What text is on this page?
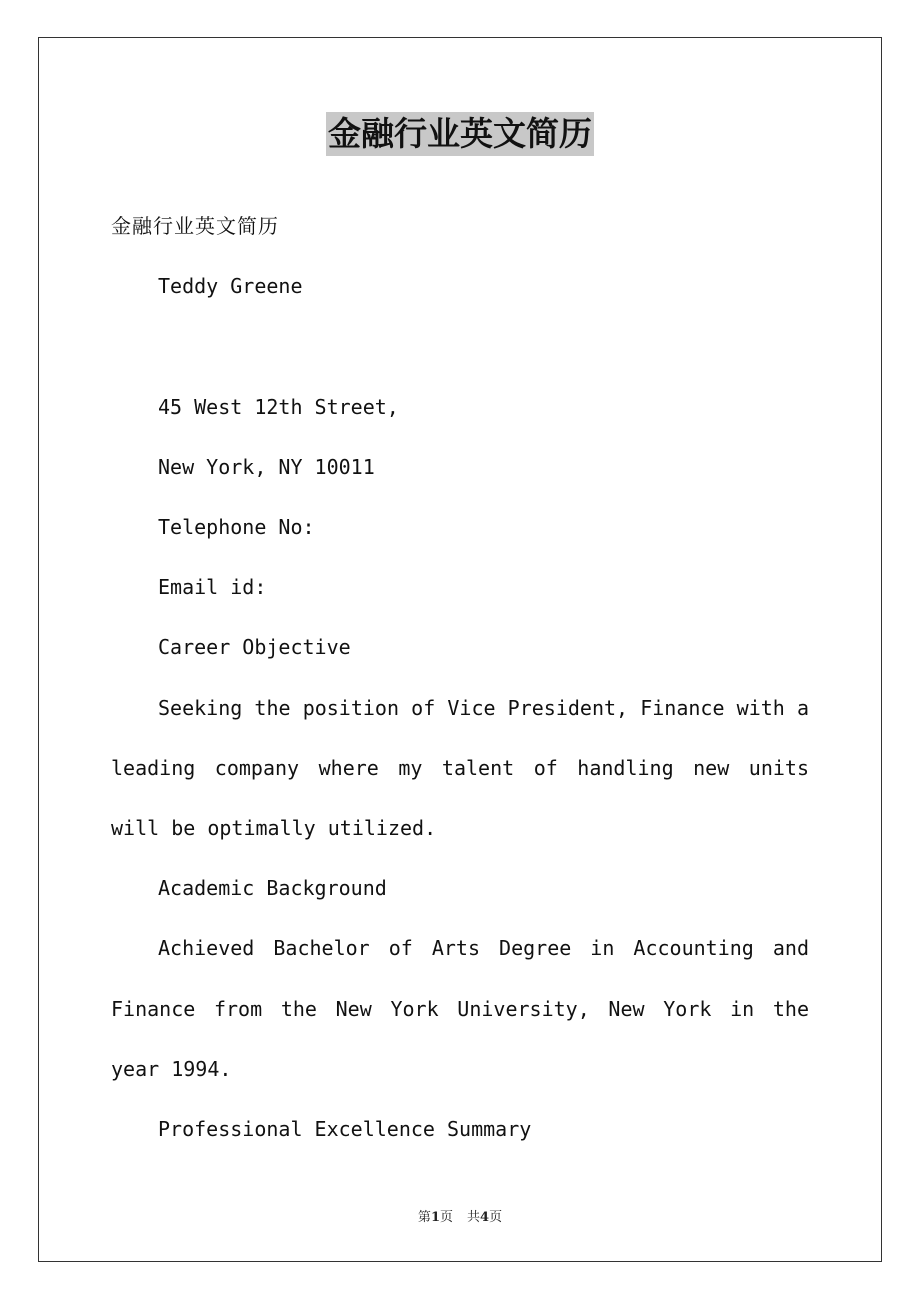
金融行业英文简历

金融行业英文简历

Teddy Greene

45 West 12th Street,

New York, NY 10011

Telephone No:

Email id:

Career Objective

Seeking the position of Vice President, Finance with a leading company where my talent of handling new units will be optimally utilized.

Academic Background

Achieved Bachelor of Arts Degree in Accounting and Finance from the New York University, New York in the year 1994.

Professional Excellence Summary

第1页 共4页
